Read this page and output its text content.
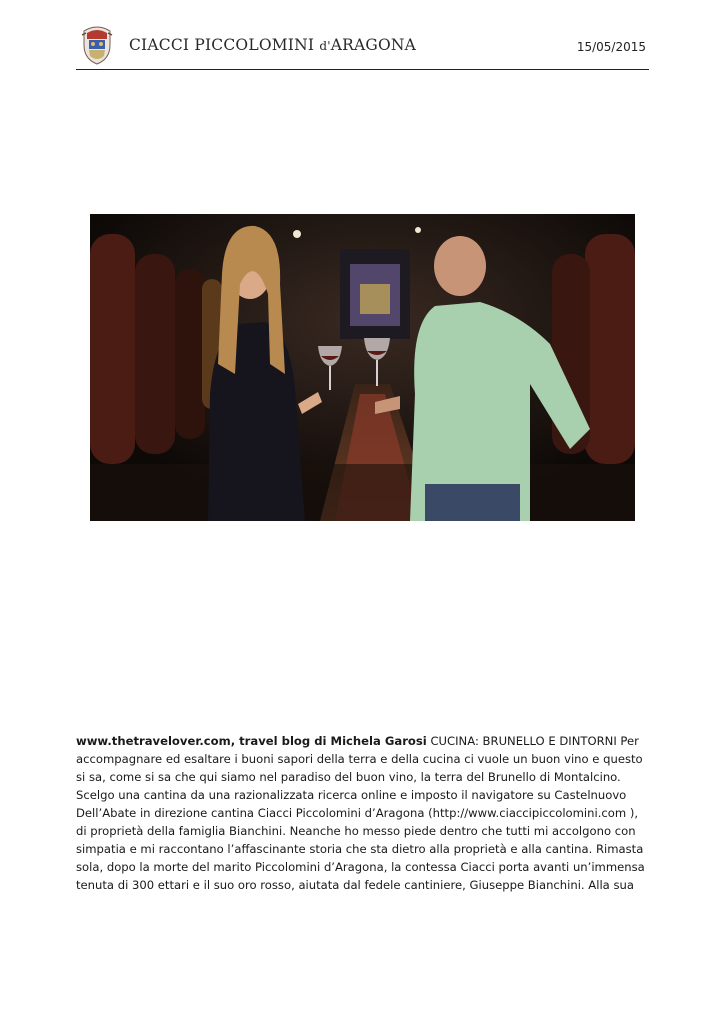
CIACCI PICCOLOMINI d'ARAGONA	15/05/2015
www.thetravelover.com, travel blog di Michela Garosi CUCINA: BRUNELLO E DINTORNI Per accompagnare ed esaltare i buoni sapori della terra e della cucina ci vuole un buon vino e questo si sa, come si sa che qui siamo nel paradiso del buon vino, la terra del Brunello di Montalcino. Scelgo una cantina da una razionalizzata ricerca online e imposto il navigatore su Castelnuovo Dell’Abate in direzione cantina Ciacci Piccolomini d’Aragona (http://www.ciaccipiccolomini.com ), di proprietà della famiglia Bianchini. Neanche ho messo piede dentro che tutti mi accolgono con simpatia e mi raccontano l’affascinante storia che sta dietro alla proprietà e alla cantina. Rimasta sola, dopo la morte del marito Piccolomini d’Aragona, la contessa Ciacci porta avanti un’immensa tenuta di 300 ettari e il suo oro rosso, aiutata dal fedele cantiniere, Giuseppe Bianchini. Alla sua
